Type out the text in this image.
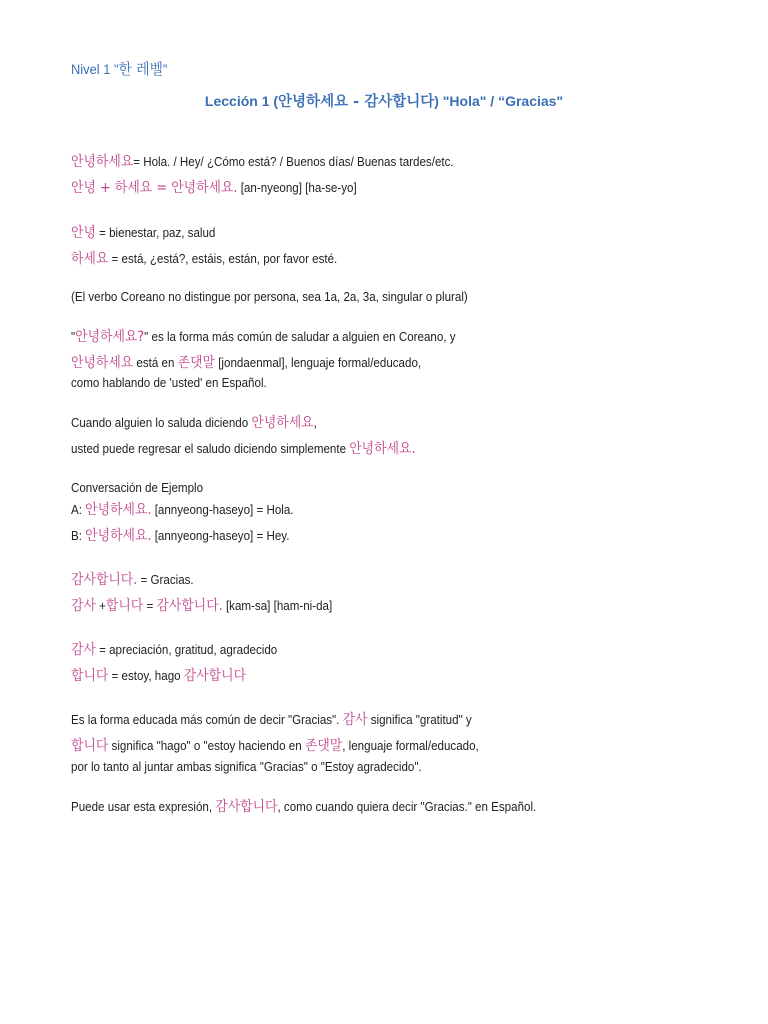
Nivel 1 "한 레벨"
Lección 1 (안녕하세요 - 감사합니다) "Hola" / “Gracias"
안녕하세요= Hola. / Hey/ ¿Cómo está? / Buenos días/ Buenas tardes/etc.
안녕 + 하세요 = 안녕하세요. [an-nyeong] [ha-se-yo]
안녕 = bienestar, paz, salud
하세요 = está, ¿está?, estáis, están, por favor esté.
(El verbo Coreano no distingue por persona, sea 1a, 2a, 3a, singular o plural)
"안녕하세요?" es la forma más común de saludar a alguien en Coreano, y
안녕하세요 está en 존댓말 [jondaenmal], lenguaje formal/educado,
como hablando de 'usted' en Español.
Cuando alguien lo saluda diciendo 안녕하세요,
usted puede regresar el saludo diciendo simplemente 안녕하세요.
Conversación de Ejemplo
A: 안녕하세요. [annyeong-haseyo] = Hola.
B: 안녕하세요. [annyeong-haseyo] = Hey.
감사합니다. = Gracias.
감사 +합니다 = 감사합니다. [kam-sa] [ham-ni-da]
감사 = apreciación, gratitud, agradecido
합니다 = estoy, hago 감사합니다
Es la forma educada más común de decir "Gracias". 감사 significa "gratitud" y
합니다 significa "hago" o "estoy haciendo en 존댓말, lenguaje formal/educado,
por lo tanto al juntar ambas significa "Gracias" o "Estoy agradecido".
Puede usar esta expresión, 감사합니다, como cuando quiera decir "Gracias." en Español.
